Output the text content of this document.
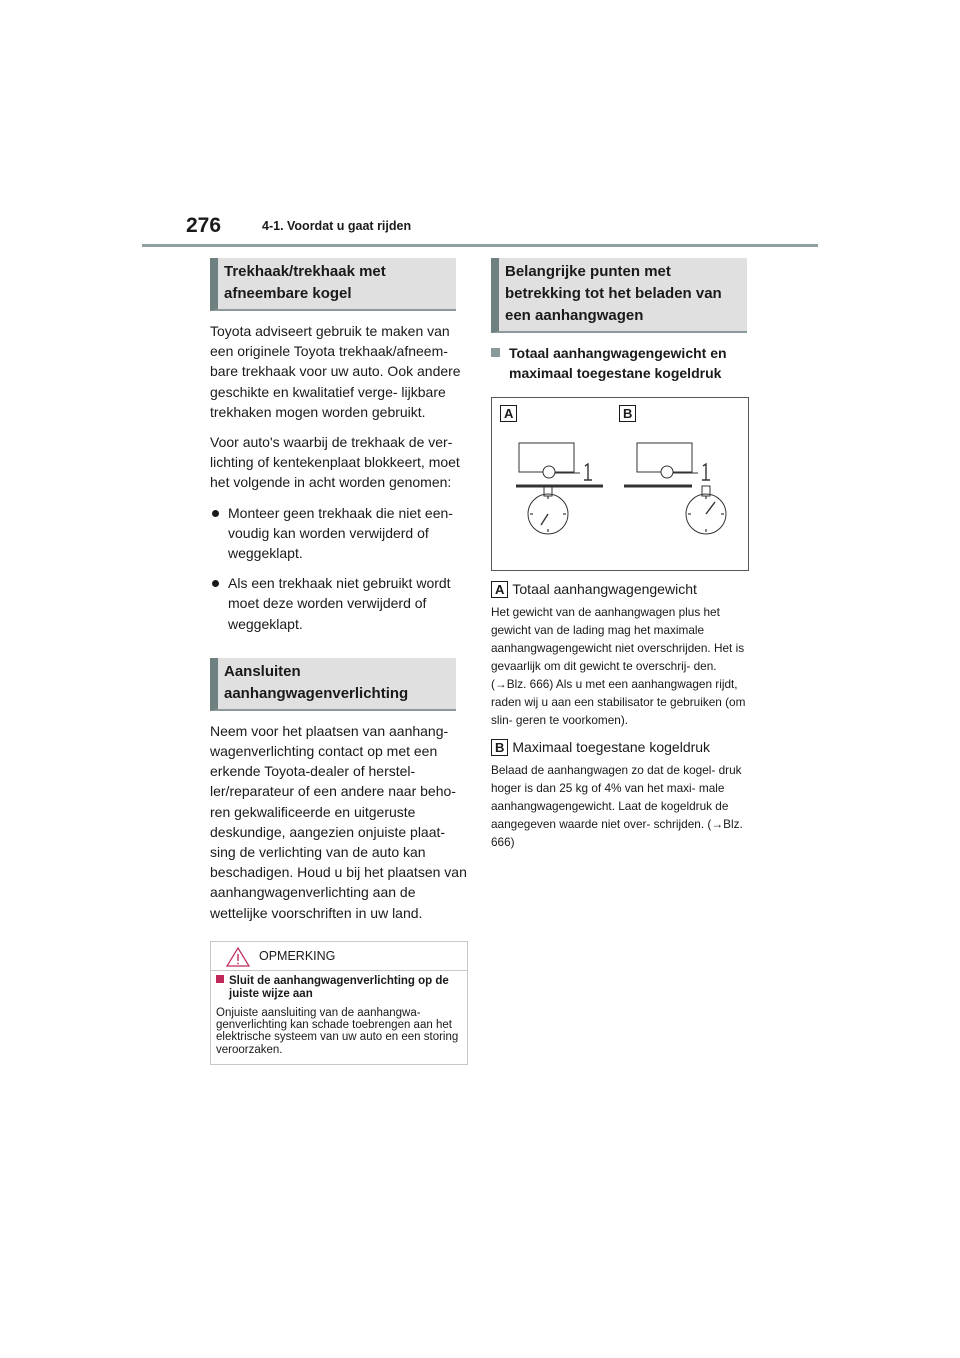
276	4-1. Voordat u gaat rijden
Trekhaak/trekhaak met afneembare kogel

Toyota adviseert gebruik te maken van een originele Toyota trekhaak/afneem- bare trekhaak voor uw auto. Ook andere geschikte en kwalitatief verge- lijkbare trekhaken mogen worden gebruikt.

Voor auto's waarbij de trekhaak de ver- lichting of kentekenplaat blokkeert, moet het volgende in acht worden genomen:

Monteer geen trekhaak die niet een- voudig kan worden verwijderd of weggeklapt.
Als een trekhaak niet gebruikt wordt moet deze worden verwijderd of weggeklapt.
Aansluiten aanhangwagenverlichting

Neem voor het plaatsen van aanhang- wagenverlichting contact op met een erkende Toyota-dealer of herstel- ler/reparateur of een andere naar beho- ren gekwalificeerde en uitgeruste deskundige, aangezien onjuiste plaat- sing de verlichting van de auto kan beschadigen. Houd u bij het plaatsen van aanhangwagenverlichting aan de wettelijke voorschriften in uw land.

OPMERKING
Sluit de aanhangwagenverlichting op de juiste wijze aan
Onjuiste aansluiting van de aanhangwa- genverlichting kan schade toebrengen aan het elektrische systeem van uw auto en een storing veroorzaken.
Belangrijke punten met betrekking tot het beladen van een aanhangwagen
Totaal aanhangwagengewicht en maximaal toegestane kogeldruk
A	B
A Totaal aanhangwagengewicht
Het gewicht van de aanhangwagen plus het gewicht van de lading mag het maximale aanhangwagengewicht niet overschrijden. Het is gevaarlijk om dit gewicht te overschrij- den. (→Blz. 666) Als u met een aanhangwagen rijdt, raden wij u aan een stabilisator te gebruiken (om slin- geren te voorkomen).
B Maximaal toegestane kogeldruk
Belaad de aanhangwagen zo dat de kogel- druk hoger is dan 25 kg of 4% van het maxi- male aanhangwagengewicht. Laat de kogeldruk de aangegeven waarde niet over- schrijden. (→Blz. 666)
